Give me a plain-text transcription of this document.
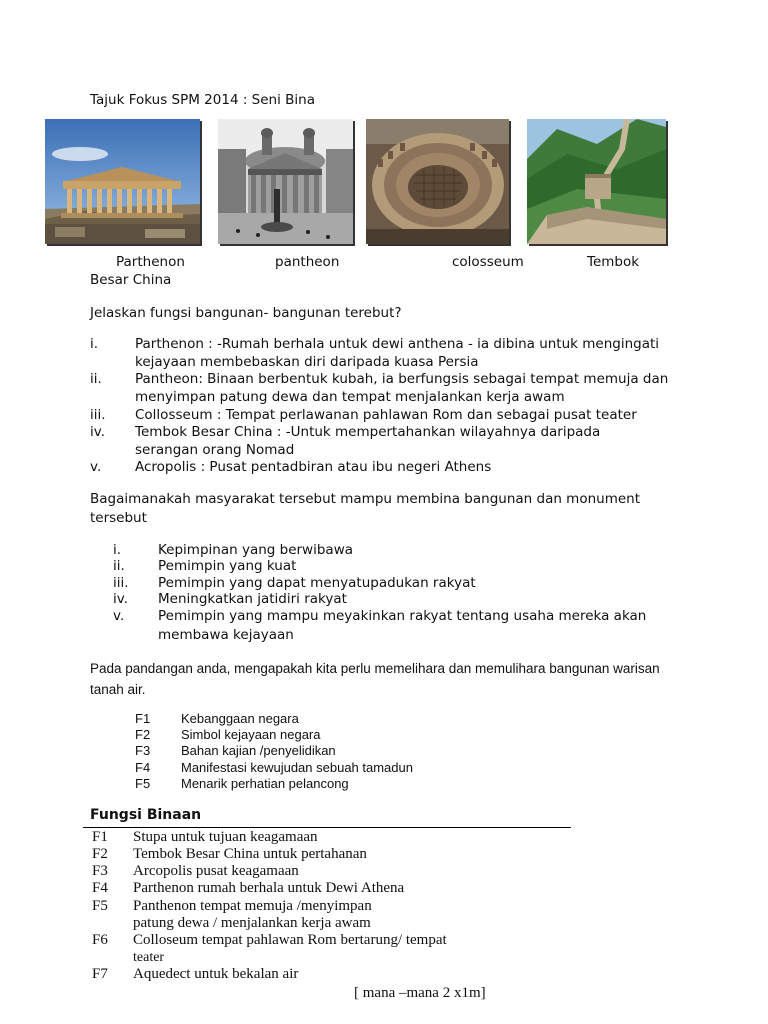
Tajuk Fokus SPM 2014 : Seni Bina
Parthenon	pantheon	colosseum	Tembok
Besar China
Jelaskan fungsi bangunan- bangunan terebut?
i.	Parthenon : -Rumah berhala untuk dewi anthena - ia dibina untuk mengingati
kejayaan membebaskan diri daripada kuasa Persia
ii. Pantheon: Binaan berbentuk kubah, ia berfungsis sebagai tempat memuja dan
menyimpan patung dewa dan tempat menjalankan kerja awam
iii. Collosseum : Tempat perlawanan pahlawan Rom dan sebagai pusat teater
iv. Tembok Besar China : -Untuk mempertahankan wilayahnya daripada
serangan orang Nomad
v.	Acropolis : Pusat pentadbiran atau ibu negeri Athens
Bagaimanakah masyarakat tersebut mampu membina bangunan dan monument
tersebut
i.	Kepimpinan yang berwibawa
ii. Pemimpin yang kuat
iii. Pemimpin yang dapat menyatupadukan rakyat
iv. Meningkatkan jatidiri rakyat
v.	Pemimpin yang mampu meyakinkan rakyat tentang usaha mereka akan
membawa kejayaan
Pada pandangan anda, mengapakah kita perlu memelihara dan memulihara bangunan warisan
tanah air.
F1 Kebanggaan negara
F2 Simbol kejayaan negara
F3 Bahan kajian /penyelidikan
F4 Manifestasi kewujudan sebuah tamadun
F5 Menarik perhatian pelancong
Fungsi Binaan
F1 Stupa untuk tujuan keagamaan
F2 Tembok Besar China untuk pertahanan
F3 Arcopolis pusat keagamaan
F4 Parthenon rumah berhala untuk Dewi Athena
F5 Panthenon tempat memuja /menyimpan
patung dewa / menjalankan kerja awam
F6 Colloseum tempat pahlawan Rom bertarung/ tempat
teater
F7 Aquedect untuk bekalan air
[ mana –mana 2 x1m]
